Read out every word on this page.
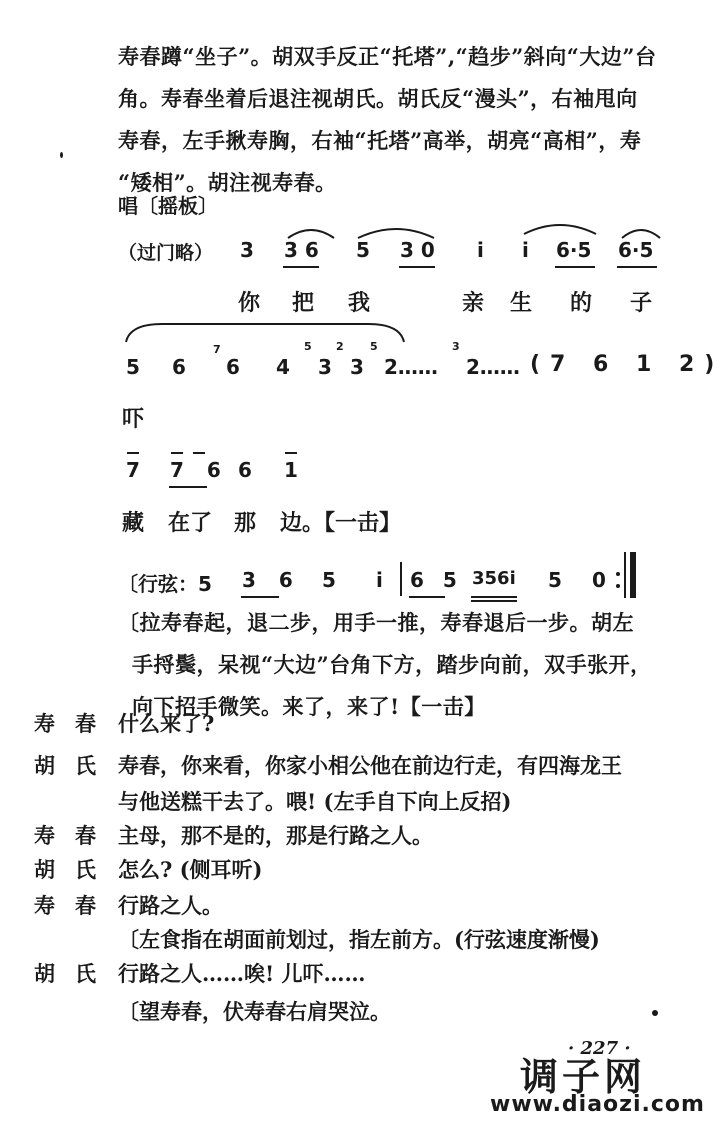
寿春蹲“坐子”。胡双手反正“托塔”,“趋步”斜向“大边”台
角。寿春坐着后退注视胡氏。胡氏反“漫头”，右袖甩向
寿春，左手揪寿胸，右袖“托塔”高举，胡亮“高相”，寿
“矮相”。胡注视寿春。
唱〔摇板〕
（过门略） 3 3 6 5 3 0 i i 6·5 6·5
你 把 我	亲 生 的 子
5 6
7
6 4
5
3
2
3
5
2……
3
2…… (7 6 1 2)
吓
7 7 6 6 1
藏 在了 那 边。【一击】
〔行弦：5 3 6 5 i 6 5 356i 5 0
〔拉寿春起，退二步，用手一推，寿春退后一步。胡左
手捋鬓，呆视“大边”台角下方，踏步向前，双手张开，
向下招手微笑。来了，来了!【一击】
寿春 什么来了?
胡氏 寿春，你来看，你家小相公他在前边行走，有四海龙王
与他送糕干去了。喂! (左手自下向上反招)
寿春 主母，那不是的，那是行路之人。
胡氏 怎么? (侧耳听)
寿春 行路之人。
〔左食指在胡面前划过，指左前方。(行弦速度渐慢)
胡氏 行路之人……唉! 儿吓……
〔望寿春，伏寿春右肩哭泣。
· 227 ·
调子网
www.diaozi.com
